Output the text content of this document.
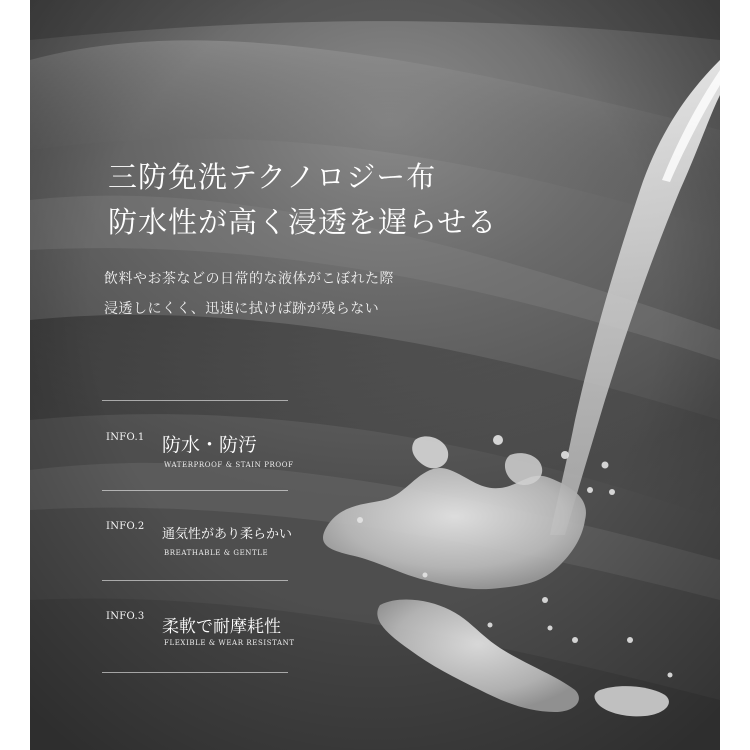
三防免洗テクノロジー布
防水性が高く浸透を遅らせる
飲料やお茶などの日常的な液体がこぼれた際
浸透しにくく、迅速に拭けば跡が残らない
INFO.1 防水・防汚
WATERPROOF & STAIN PROOF
INFO.2
通気性があり柔らかい
BREATHABLE & GENTLE
INFO.3
柔軟で耐摩耗性
FLEXIBLE & WEAR RESISTANT
